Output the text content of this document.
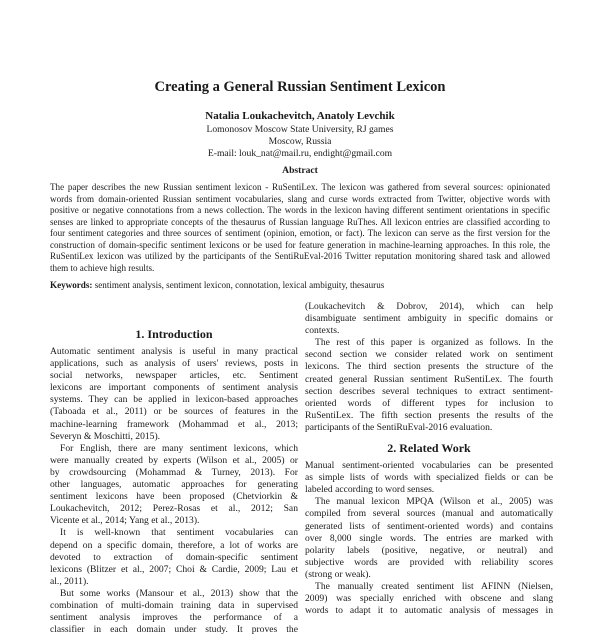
Creating a General Russian Sentiment Lexicon
Natalia Loukachevitch, Anatoly Levchik
Lomonosov Moscow State University, RJ games
Moscow, Russia
E-mail: louk_nat@mail.ru, endight@gmail.com
Abstract
The paper describes the new Russian sentiment lexicon - RuSentiLex. The lexicon was gathered from several sources: opinionated
words from domain-oriented Russian sentiment vocabularies, slang and curse words extracted from Twitter, objective words with
positive or negative connotations from a news collection. The words in the lexicon having different sentiment orientations in specific
senses are linked to appropriate concepts of the thesaurus of Russian language RuThes. All lexicon entries are classified according to
four sentiment categories and three sources of sentiment (opinion, emotion, or fact). The lexicon can serve as the first version for the
construction of domain-specific sentiment lexicons or be used for feature generation in machine-learning approaches. In this role, the
RuSentiLex lexicon was utilized by the participants of the SentiRuEval-2016 Twitter reputation monitoring shared task and allowed
them to achieve high results.
Keywords: sentiment analysis, sentiment lexicon, connotation, lexical ambiguity, thesaurus
1. Introduction
Automatic sentiment analysis is useful in many practical
applications, such as analysis of users' reviews, posts in
social networks, newspaper articles, etc. Sentiment
lexicons are important components of sentiment analysis
systems. They can be applied in lexicon-based approaches
(Taboada et al., 2011) or be sources of features in the
machine-learning framework (Mohammad et al., 2013;
Severyn & Moschitti, 2015).
For English, there are many sentiment lexicons, which
were manually created by experts (Wilson et al., 2005) or
by crowdsourcing (Mohammad & Turney, 2013). For
other languages, automatic approaches for generating
sentiment lexicons have been proposed (Chetviorkin &
Loukachevitch, 2012; Perez-Rosas et al., 2012; San
Vicente et al., 2014; Yang et al., 2013).
It is well-known that sentiment vocabularies can
depend on a specific domain, therefore, a lot of works are
devoted to extraction of domain-specific sentiment
lexicons (Blitzer et al., 2007; Choi & Cardie, 2009; Lau et
al., 2011).
But some works (Mansour et al., 2013) show that the
combination of multi-domain training data in supervised
sentiment analysis improves the performance of a
classifier in each domain under study. It proves the
(Loukachevitch & Dobrov, 2014), which can help
disambiguate sentiment ambiguity in specific domains or
contexts.
The rest of this paper is organized as follows. In the
second section we consider related work on sentiment
lexicons. The third section presents the structure of the
created general Russian sentiment RuSentiLex. The fourth
section describes several techniques to extract sentiment-
oriented words of different types for inclusion to
RuSentiLex. The fifth section presents the results of the
participants of the SentiRuEval-2016 evaluation.
2. Related Work
Manual sentiment-oriented vocabularies can be presented
as simple lists of words with specialized fields or can be
labeled according to word senses.
The manual lexicon MPQA (Wilson et al., 2005) was
compiled from several sources (manual and automatically
generated lists of sentiment-oriented words) and contains
over 8,000 single words. The entries are marked with
polarity labels (positive, negative, or neutral) and
subjective words are provided with reliability scores
(strong or weak).
The manually created sentiment list AFINN (Nielsen,
2009) was specially enriched with obscene and slang
words to adapt it to automatic analysis of messages in
